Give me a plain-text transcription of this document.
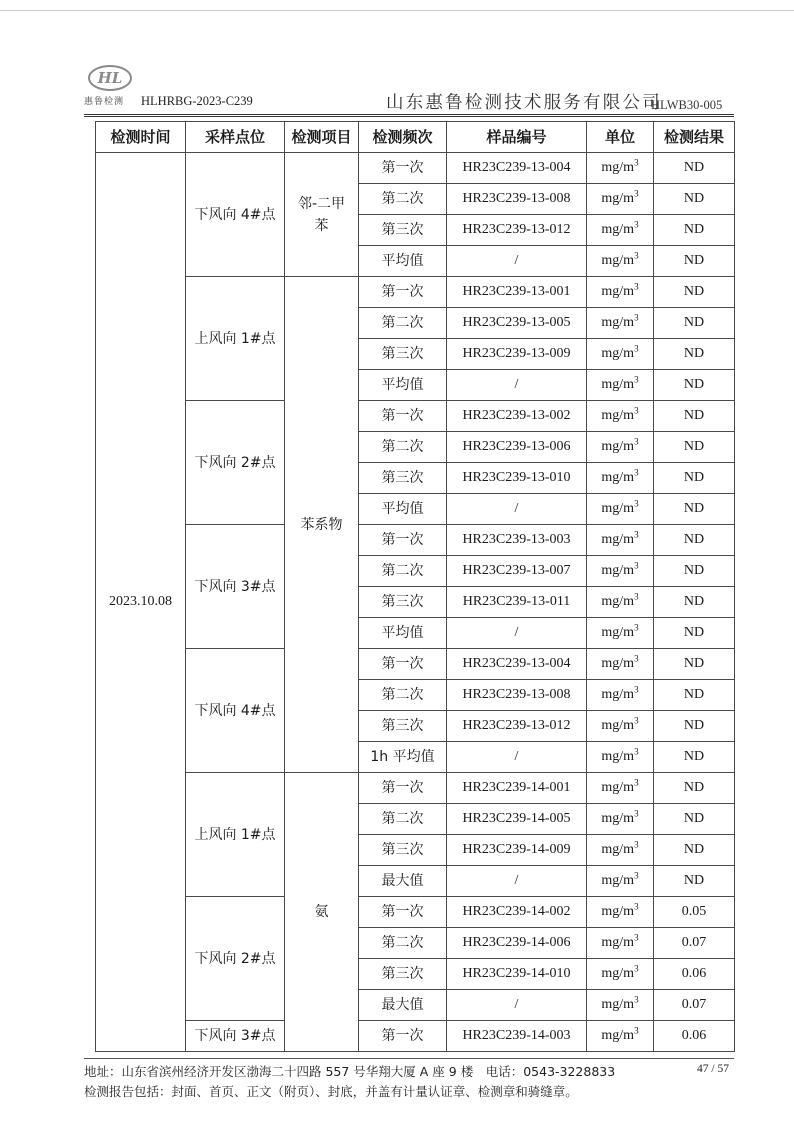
HL
惠鲁检测 HLHRBG-2023-C239	山东惠鲁检测技术服务有限公司
HLWB30-005
检测时间	采样点位	检测项目	检测频次	样品编号	单位	检测结果
2023.10.08	下风向 4#点	邻-二甲苯	第一次	HR23C239-13-004	$mg/m^3$	ND
			第二次	HR23C239-13-008	$mg/m^3$	ND
			第三次	HR23C239-13-012	$mg/m^3$	ND
			平均值	/	$mg/m^3$	ND
	上风向 1#点	苯系物	第一次	HR23C239-13-001	$mg/m^3$	ND
			第二次	HR23C239-13-005	$mg/m^3$	ND
			第三次	HR23C239-13-009	$mg/m^3$	ND
			平均值	/	$mg/m^3$	ND
	下风向 2#点		第一次	HR23C239-13-002	$mg/m^3$	ND
			第二次	HR23C239-13-006	$mg/m^3$	ND
			第三次	HR23C239-13-010	$mg/m^3$	ND
			平均值	/	$mg/m^3$	ND
	下风向 3#点		第一次	HR23C239-13-003	$mg/m^3$	ND
			第二次	HR23C239-13-007	$mg/m^3$	ND
			第三次	HR23C239-13-011	$mg/m^3$	ND
			平均值	/	$mg/m^3$	ND
	下风向 4#点		第一次	HR23C239-13-004	$mg/m^3$	ND
			第二次	HR23C239-13-008	$mg/m^3$	ND
			第三次	HR23C239-13-012	$mg/m^3$	ND
			1h 平均值	/	$mg/m^3$	ND
	上风向 1#点	氨	第一次	HR23C239-14-001	$mg/m^3$	ND
			第二次	HR23C239-14-005	$mg/m^3$	ND
			第三次	HR23C239-14-009	$mg/m^3$	ND
			最大值	/	$mg/m^3$	ND
	下风向 2#点		第一次	HR23C239-14-002	$mg/m^3$	0.05
			第二次	HR23C239-14-006	$mg/m^3$	0.07
			第三次	HR23C239-14-010	$mg/m^3$	0.06
			最大值	/	$mg/m^3$	0.07
	下风向 3#点		第一次	HR23C239-14-003	$mg/m^3$	0.06
地址：山东省滨州经济开发区渤海二十四路 557 号华翔大厦 A 座 9 楼　电话：0543-3228833	47 / 57
检测报告包括：封面、首页、正文（附页）、封底，并盖有计量认证章、检测章和骑缝章。
